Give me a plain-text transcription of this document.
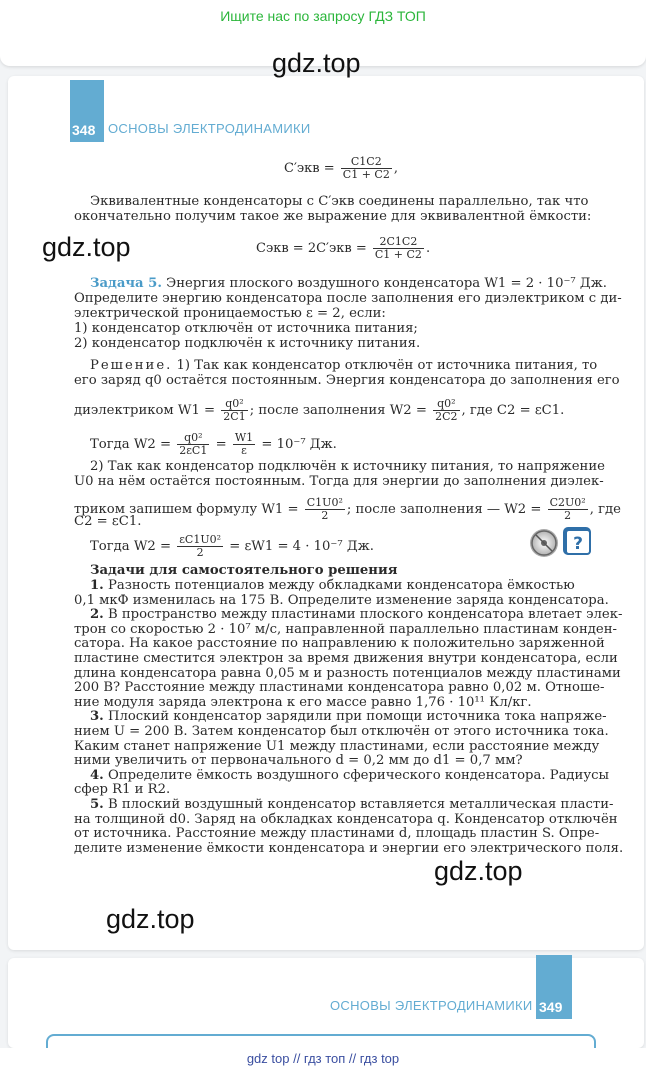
Ищите нас по запросу ГДЗ ТОП
348 ОСНОВЫ ЭЛЕКТРОДИНАМИКИ
$C'экв = \frac{C1C2}{C1 + C2}$ ,
Эквивалентные конденсаторы с C′экв соединены параллельно, так что
окончательно получим такое же выражение для эквивалентной ёмкости:
Cэкв = $2C'экв = \frac{2C1C2}{C1 + C2}$ .
Задача 5. Энергия плоского воздушного конденсатора W1 = 2 · 10⁻⁷ Дж.
Определите энергию конденсатора после заполнения его диэлектриком с ди-
электрической проницаемостью ε = 2, если:
1) конденсатор отключён от источника питания;
2) конденсатор подключён к источнику питания.
Решение. 1) Так как конденсатор отключён от источника питания, то
его заряд q0 остаётся постоянным. Энергия конденсатора до заполнения его
диэлектриком $W1 = \frac{\text{q0²}}{2C1}$ ; после заполнения $W2 = \frac{\text{q0²}}{2C2}$ , где C2 = εC1.
Тогда $W2 = \frac{\text{q0²}}{2\varepsilon C1} = \frac{W1}{\varepsilon} = 10^{-7}$ Дж.
2) Так как конденсатор подключён к источнику питания, то напряжение
U0 на нём остаётся постоянным. Тогда для энергии до заполнения диэлек-
триком запишем формулу $W1 = \frac{\text{C1U0²}}{2}$ ; после заполнения — $W2 = \frac{\text{C2U0²}}{2}$ , где
C2 = εC1.
Тогда $W2 = \frac{\text{εC1U0²}}{2} = \varepsilon W1 = 4 \cdot 10^{-7}$ Дж.	?
Задачи для самостоятельного решения
1. Разность потенциалов между обкладками конденсатора ёмкостью
0,1 мкФ изменилась на 175 В. Определите изменение заряда конденсатора.
2. В пространство между пластинами плоского конденсатора влетает элек-
трон со скоростью 2 · 10⁷ м/с, направленной параллельно пластинам конден-
сатора. На какое расстояние по направлению к положительно заряженной
пластине сместится электрон за время движения внутри конденсатора, если
длина конденсатора равна 0,05 м и разность потенциалов между пластинами
200 В? Расстояние между пластинами конденсатора равно 0,02 м. Отноше-
ние модуля заряда электрона к его массе равно 1,76 · 10¹¹ Кл/кг.
3. Плоский конденсатор зарядили при помощи источника тока напряже-
нием U = 200 В. Затем конденсатор был отключён от этого источника тока.
Каким станет напряжение U1 между пластинами, если расстояние между
ними увеличить от первоначального d = 0,2 мм до d1 = 0,7 мм?
4. Определите ёмкость воздушного сферического конденсатора. Радиусы
сфер R1 и R2.
5. В плоский воздушный конденсатор вставляется металлическая пласти-
на толщиной d0. Заряд на обкладках конденсатора q. Конденсатор отключён
от источника. Расстояние между пластинами d, площадь пластин S. Опре-
делите изменение ёмкости конденсатора и энергии его электрического поля.
gdz.top
gdz.top
gdz.top
gdz.top
349
ОСНОВЫ ЭЛЕКТРОДИНАМИКИ
gdz top // гдз топ // гдз top
